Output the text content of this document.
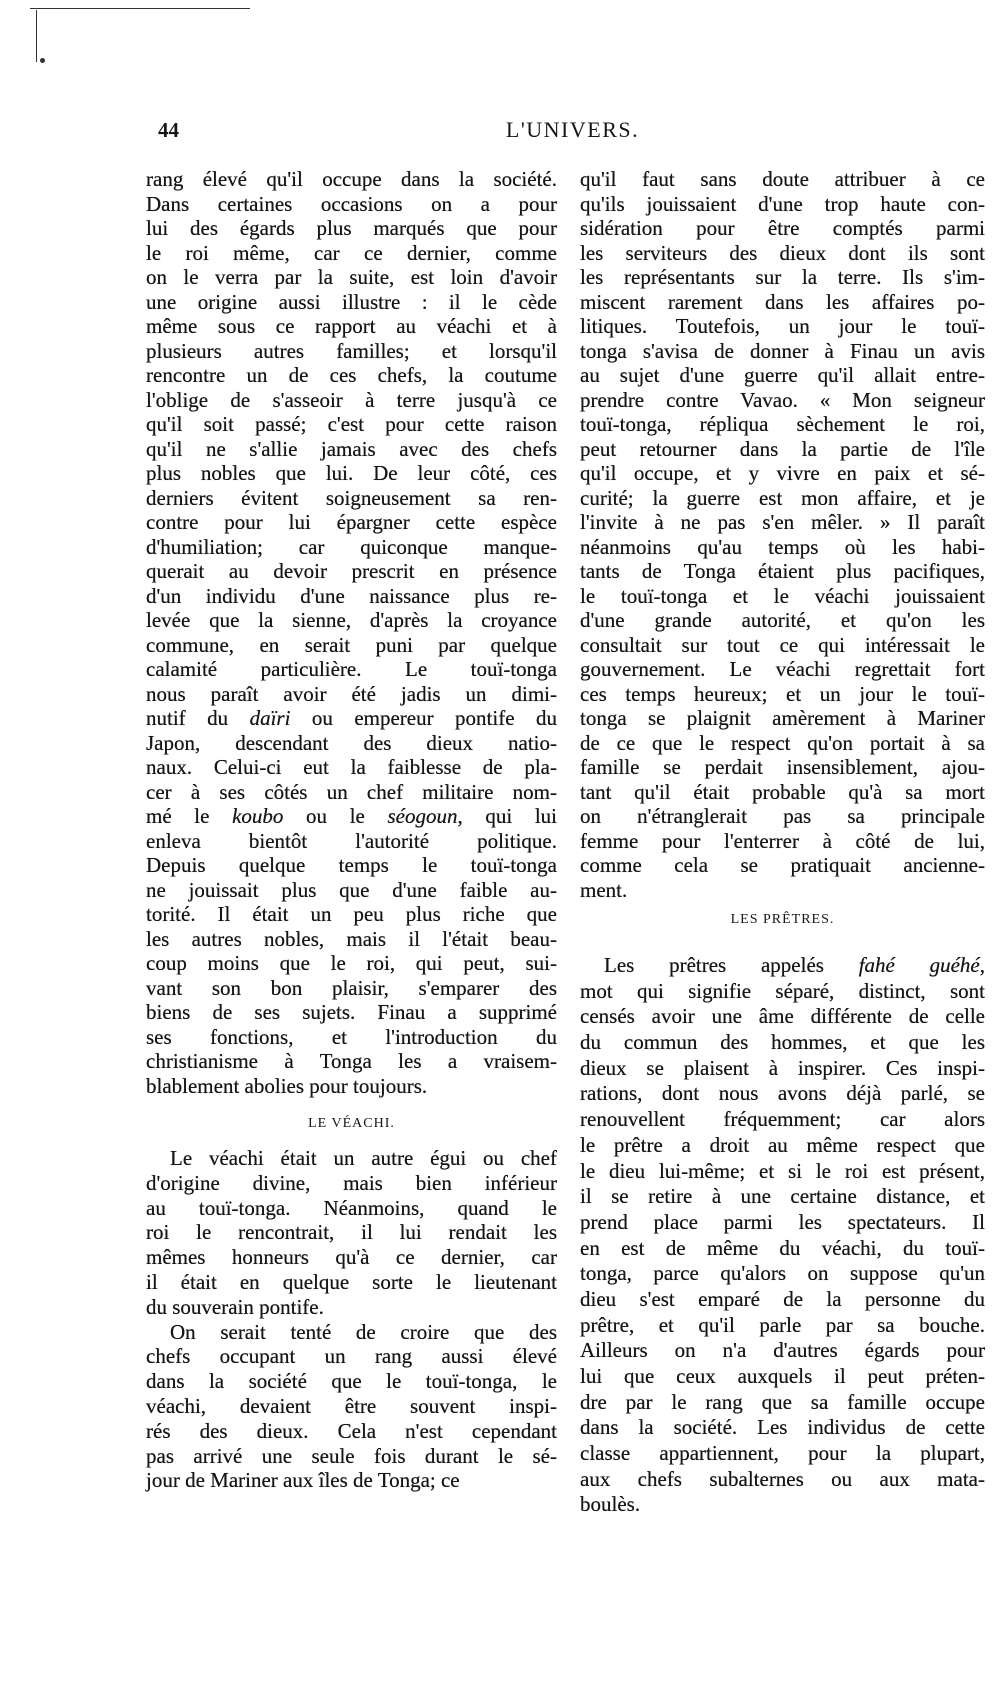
44	L'UNIVERS.
rang élevé qu'il occupe dans la société.
Dans certaines occasions on a pour
lui des égards plus marqués que pour
le roi même, car ce dernier, comme
on le verra par la suite, est loin d'avoir
une origine aussi illustre : il le cède
même sous ce rapport au véachi et à
plusieurs autres familles; et lorsqu'il
rencontre un de ces chefs, la coutume
l'oblige de s'asseoir à terre jusqu'à ce
qu'il soit passé; c'est pour cette raison
qu'il ne s'allie jamais avec des chefs
plus nobles que lui. De leur côté, ces
derniers évitent soigneusement sa ren-
contre pour lui épargner cette espèce
d'humiliation; car quiconque manque-
querait au devoir prescrit en présence
d'un individu d'une naissance plus re-
levée que la sienne, d'après la croyance
commune, en serait puni par quelque
calamité particulière. Le touï-tonga
nous paraît avoir été jadis un dimi-
nutif du daïri ou empereur pontife du
Japon, descendant des dieux natio-
naux. Celui-ci eut la faiblesse de pla-
cer à ses côtés un chef militaire nom-
mé le koubo ou le séogoun, qui lui
enleva bientôt l'autorité politique.
Depuis quelque temps le touï-tonga
ne jouissait plus que d'une faible au-
torité. Il était un peu plus riche que
les autres nobles, mais il l'était beau-
coup moins que le roi, qui peut, sui-
vant son bon plaisir, s'emparer des
biens de ses sujets. Finau a supprimé
ses fonctions, et l'introduction du
christianisme à Tonga les a vraisem-
blablement abolies pour toujours.
LE VÉACHI.
Le véachi était un autre égui ou chef
d'origine divine, mais bien inférieur
au touï-tonga. Néanmoins, quand le
roi le rencontrait, il lui rendait les
mêmes honneurs qu'à ce dernier, car
il était en quelque sorte le lieutenant
du souverain pontife.
On serait tenté de croire que des
chefs occupant un rang aussi élevé
dans la société que le touï-tonga, le
véachi, devaient être souvent inspi-
rés des dieux. Cela n'est cependant
pas arrivé une seule fois durant le sé-
jour de Mariner aux îles de Tonga; ce
qu'il faut sans doute attribuer à ce
qu'ils jouissaient d'une trop haute con-
sidération pour être comptés parmi
les serviteurs des dieux dont ils sont
les représentants sur la terre. Ils s'im-
miscent rarement dans les affaires po-
litiques. Toutefois, un jour le touï-
tonga s'avisa de donner à Finau un avis
au sujet d'une guerre qu'il allait entre-
prendre contre Vavao. « Mon seigneur
touï-tonga, répliqua sèchement le roi,
peut retourner dans la partie de l'île
qu'il occupe, et y vivre en paix et sé-
curité; la guerre est mon affaire, et je
l'invite à ne pas s'en mêler. » Il paraît
néanmoins qu'au temps où les habi-
tants de Tonga étaient plus pacifiques,
le touï-tonga et le véachi jouissaient
d'une grande autorité, et qu'on les
consultait sur tout ce qui intéressait le
gouvernement. Le véachi regrettait fort
ces temps heureux; et un jour le touï-
tonga se plaignit amèrement à Mariner
de ce que le respect qu'on portait à sa
famille se perdait insensiblement, ajou-
tant qu'il était probable qu'à sa mort
on n'étranglerait pas sa principale
femme pour l'enterrer à côté de lui,
comme cela se pratiquait ancienne-
ment.
LES PRÊTRES.
Les prêtres appelés fahé guéhé,
mot qui signifie séparé, distinct, sont
censés avoir une âme différente de celle
du commun des hommes, et que les
dieux se plaisent à inspirer. Ces inspi-
rations, dont nous avons déjà parlé, se
renouvellent fréquemment; car alors
le prêtre a droit au même respect que
le dieu lui-même; et si le roi est présent,
il se retire à une certaine distance, et
prend place parmi les spectateurs. Il
en est de même du véachi, du touï-
tonga, parce qu'alors on suppose qu'un
dieu s'est emparé de la personne du
prêtre, et qu'il parle par sa bouche.
Ailleurs on n'a d'autres égards pour
lui que ceux auxquels il peut préten-
dre par le rang que sa famille occupe
dans la société. Les individus de cette
classe appartiennent, pour la plupart,
aux chefs subalternes ou aux mata-
boulès.
